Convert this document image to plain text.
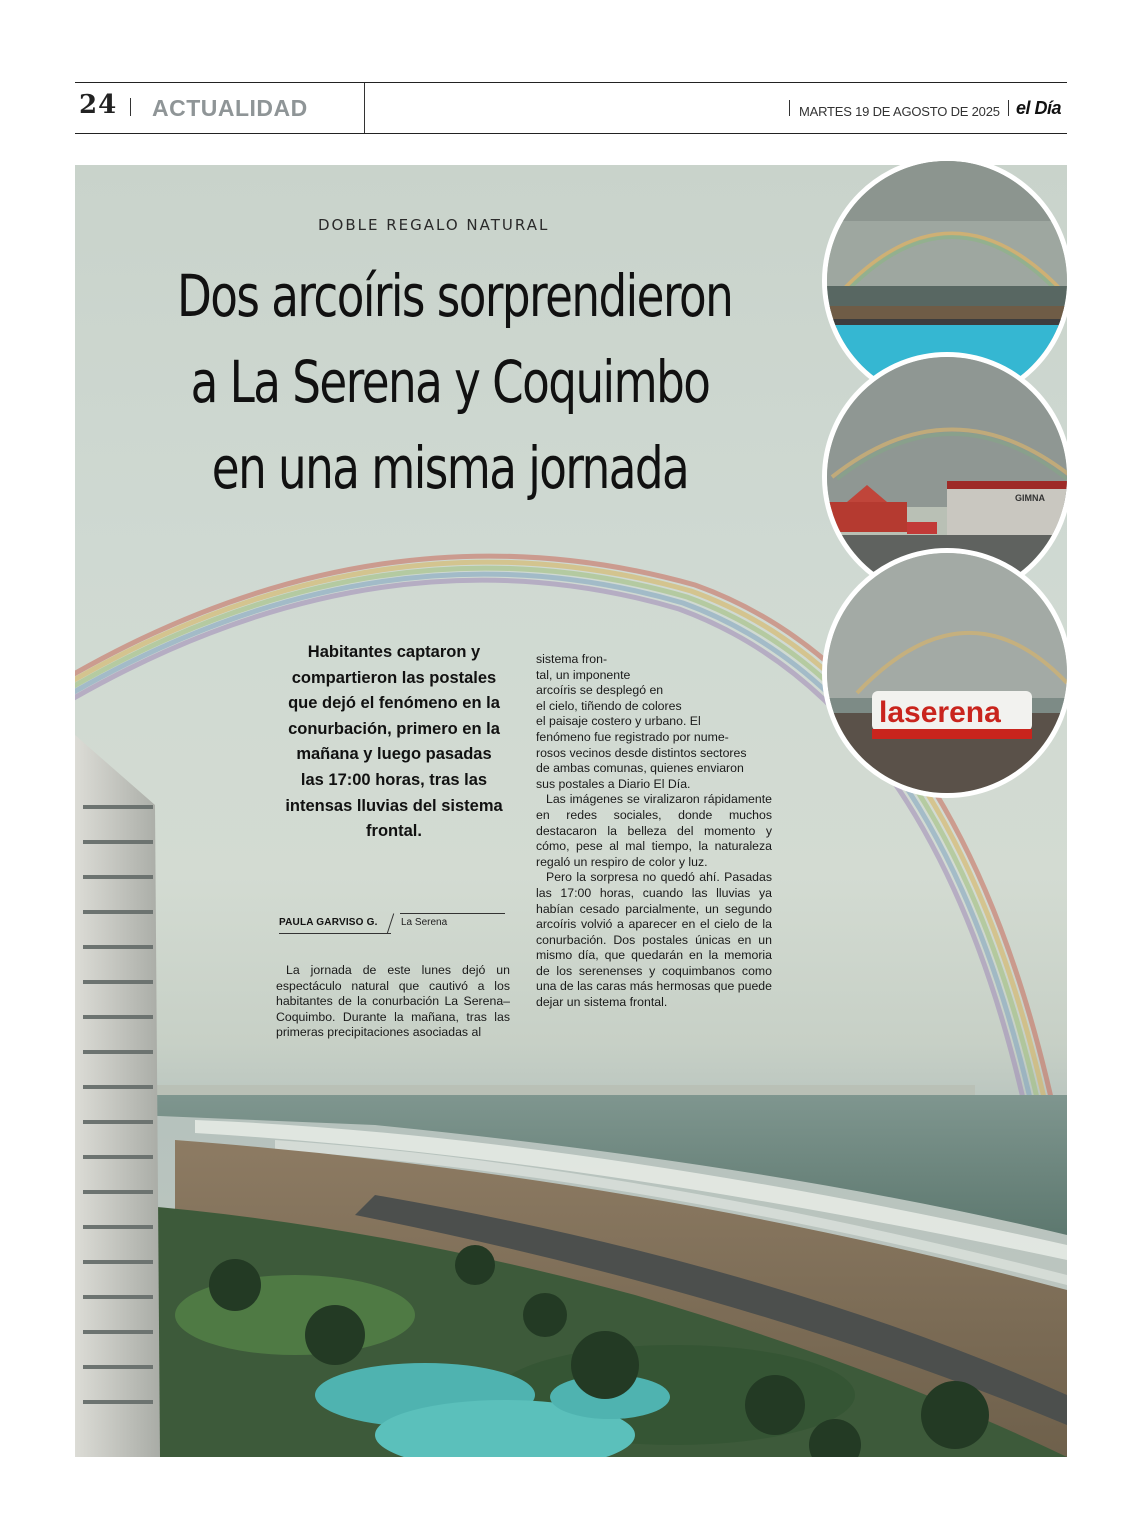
24 ACTUALIDAD	MARTES 19 DE AGOSTO DE 2025 el Día
GIMNA
laserena
DOBLE REGALO NATURAL
Dos arcoíris sorprendieron
a La Serena y Coquimbo
en una misma jornada
Habitantes captaron y
compartieron las postales
que dejó el fenómeno en la
conurbación, primero en la
mañana y luego pasadas
las 17:00 horas, tras las
intensas lluvias del sistema
frontal.
PAULA GARVISO G. La Serena

La jornada de este lunes dejó un espectáculo natural que cautivó a los habitantes de la conurbación La Serena–Coquimbo. Durante la mañana, tras las primeras precipitaciones asociadas al

sistema fron-
tal, un imponente
arcoíris se desplegó en
el cielo, tiñendo de colores
el paisaje costero y urbano. El
fenómeno fue registrado por nume-
rosos vecinos desde distintos sectores
de ambas comunas, quienes enviaron
sus postales a Diario El Día.

Las imágenes se viralizaron rápidamente en redes sociales, donde muchos destacaron la belleza del momento y cómo, pese al mal tiempo, la naturaleza regaló un respiro de color y luz.

Pero la sorpresa no quedó ahí. Pasadas las 17:00 horas, cuando las lluvias ya habían cesado parcialmente, un segundo arcoíris volvió a aparecer en el cielo de la conurbación. Dos postales únicas en un mismo día, que quedarán en la memoria de los serenenses y coquimbanos como una de las caras más hermosas que puede dejar un sistema frontal.
